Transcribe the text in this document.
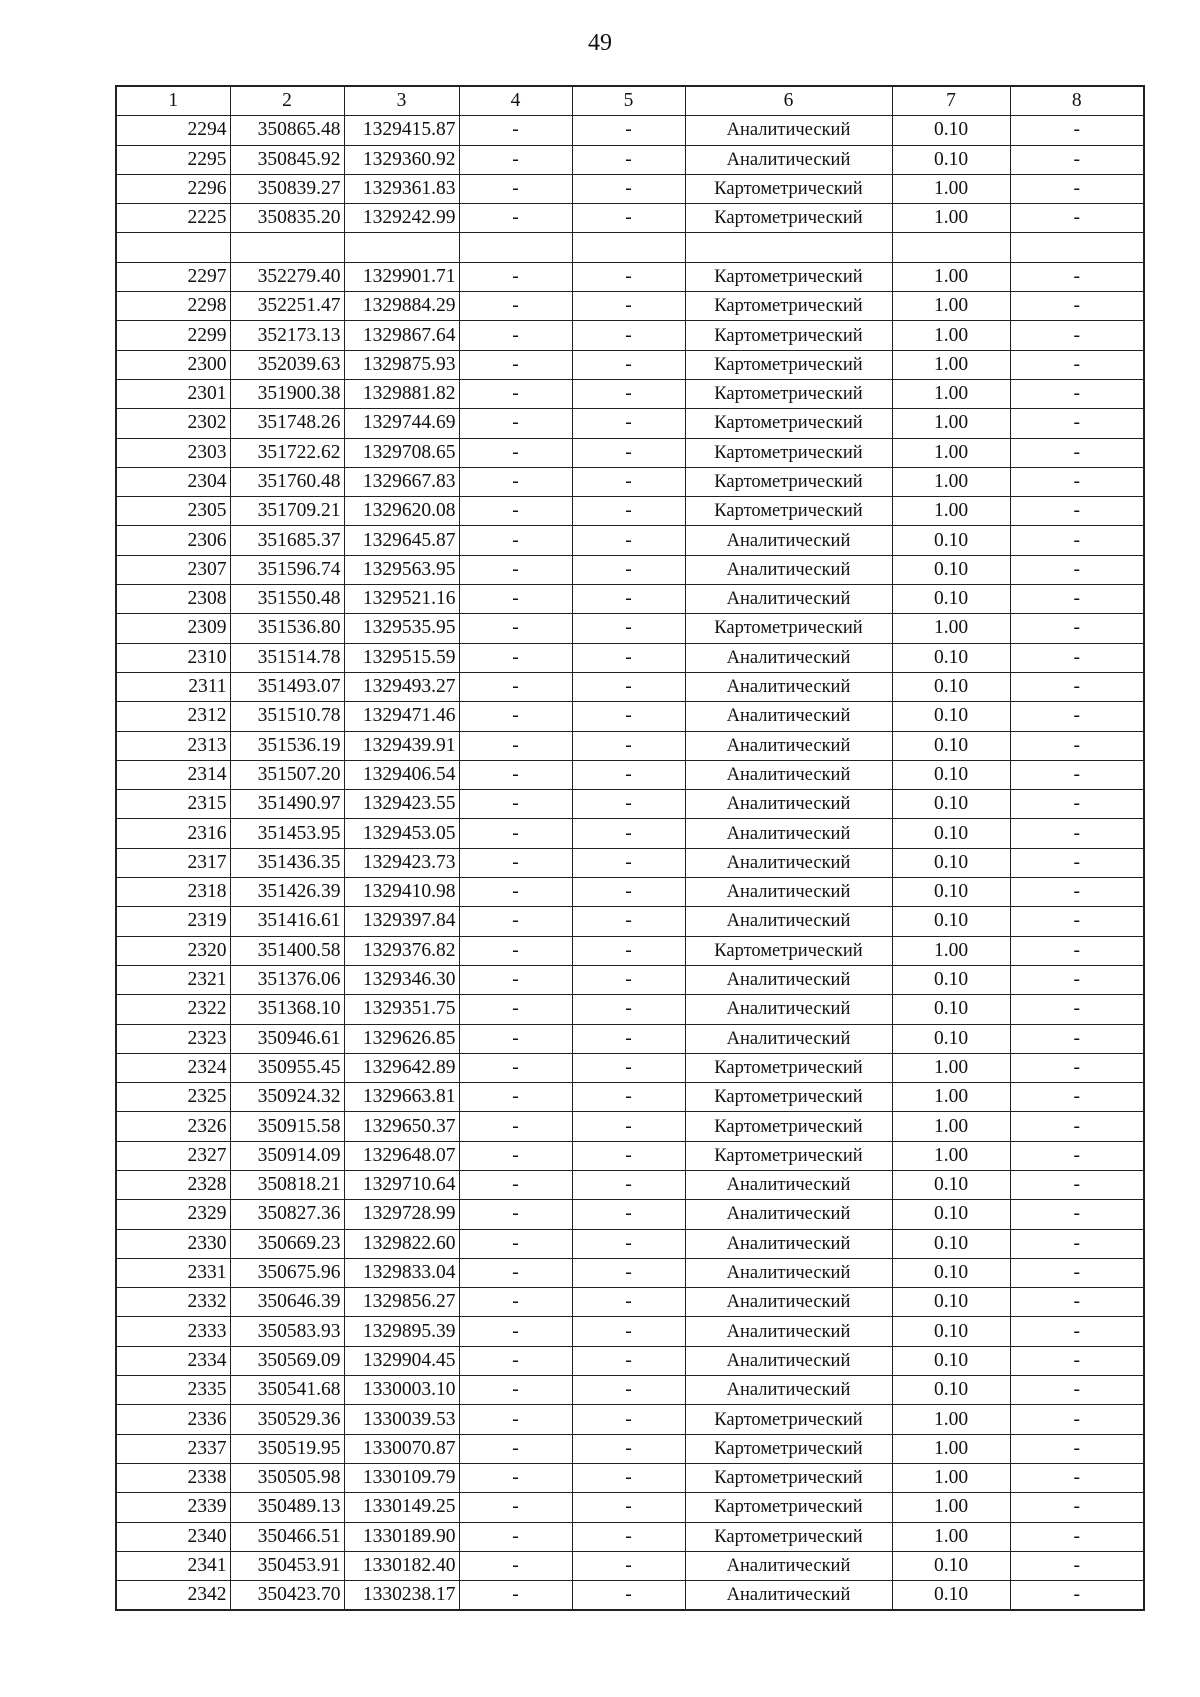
49
1	2	3	4	5	6	7	8
2294	350865.48	1329415.87	-	-	Аналитический	0.10	-
2295	350845.92	1329360.92	-	-	Аналитический	0.10	-
2296	350839.27	1329361.83	-	-	Картометрический	1.00	-
2225	350835.20	1329242.99	-	-	Картометрический	1.00	-

2297	352279.40	1329901.71	-	-	Картометрический	1.00	-
2298	352251.47	1329884.29	-	-	Картометрический	1.00	-
2299	352173.13	1329867.64	-	-	Картометрический	1.00	-
2300	352039.63	1329875.93	-	-	Картометрический	1.00	-
2301	351900.38	1329881.82	-	-	Картометрический	1.00	-
2302	351748.26	1329744.69	-	-	Картометрический	1.00	-
2303	351722.62	1329708.65	-	-	Картометрический	1.00	-
2304	351760.48	1329667.83	-	-	Картометрический	1.00	-
2305	351709.21	1329620.08	-	-	Картометрический	1.00	-
2306	351685.37	1329645.87	-	-	Аналитический	0.10	-
2307	351596.74	1329563.95	-	-	Аналитический	0.10	-
2308	351550.48	1329521.16	-	-	Аналитический	0.10	-
2309	351536.80	1329535.95	-	-	Картометрический	1.00	-
2310	351514.78	1329515.59	-	-	Аналитический	0.10	-
2311	351493.07	1329493.27	-	-	Аналитический	0.10	-
2312	351510.78	1329471.46	-	-	Аналитический	0.10	-
2313	351536.19	1329439.91	-	-	Аналитический	0.10	-
2314	351507.20	1329406.54	-	-	Аналитический	0.10	-
2315	351490.97	1329423.55	-	-	Аналитический	0.10	-
2316	351453.95	1329453.05	-	-	Аналитический	0.10	-
2317	351436.35	1329423.73	-	-	Аналитический	0.10	-
2318	351426.39	1329410.98	-	-	Аналитический	0.10	-
2319	351416.61	1329397.84	-	-	Аналитический	0.10	-
2320	351400.58	1329376.82	-	-	Картометрический	1.00	-
2321	351376.06	1329346.30	-	-	Аналитический	0.10	-
2322	351368.10	1329351.75	-	-	Аналитический	0.10	-
2323	350946.61	1329626.85	-	-	Аналитический	0.10	-
2324	350955.45	1329642.89	-	-	Картометрический	1.00	-
2325	350924.32	1329663.81	-	-	Картометрический	1.00	-
2326	350915.58	1329650.37	-	-	Картометрический	1.00	-
2327	350914.09	1329648.07	-	-	Картометрический	1.00	-
2328	350818.21	1329710.64	-	-	Аналитический	0.10	-
2329	350827.36	1329728.99	-	-	Аналитический	0.10	-
2330	350669.23	1329822.60	-	-	Аналитический	0.10	-
2331	350675.96	1329833.04	-	-	Аналитический	0.10	-
2332	350646.39	1329856.27	-	-	Аналитический	0.10	-
2333	350583.93	1329895.39	-	-	Аналитический	0.10	-
2334	350569.09	1329904.45	-	-	Аналитический	0.10	-
2335	350541.68	1330003.10	-	-	Аналитический	0.10	-
2336	350529.36	1330039.53	-	-	Картометрический	1.00	-
2337	350519.95	1330070.87	-	-	Картометрический	1.00	-
2338	350505.98	1330109.79	-	-	Картометрический	1.00	-
2339	350489.13	1330149.25	-	-	Картометрический	1.00	-
2340	350466.51	1330189.90	-	-	Картометрический	1.00	-
2341	350453.91	1330182.40	-	-	Аналитический	0.10	-
2342	350423.70	1330238.17	-	-	Аналитический	0.10	-
